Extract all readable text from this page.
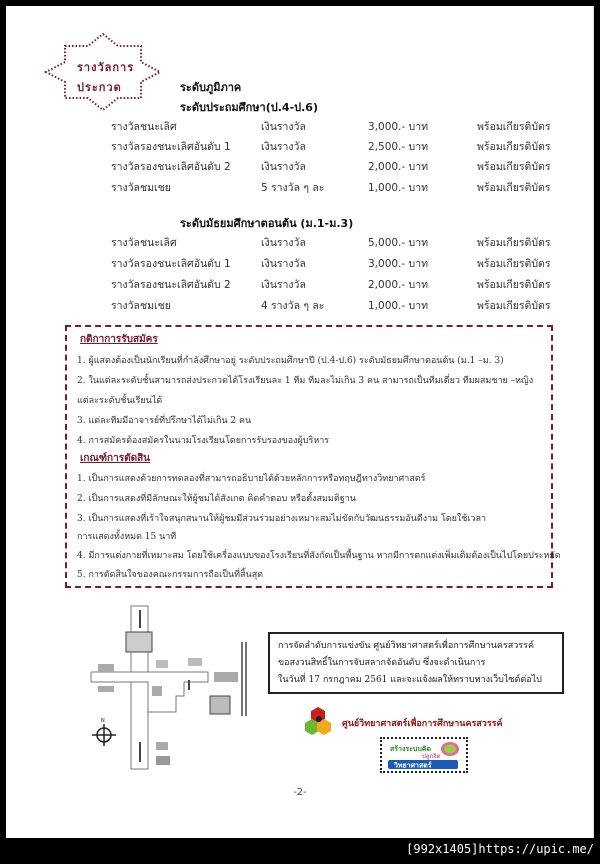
รางวัลการ
ประกวด	ระดับภูมิภาค
ระดับประถมศึกษา(ป.4-ป.6)
รางวัลชนะเลิศ	เงินรางวัล	3,000.- บาท	พร้อมเกียรติบัตร
รางวัลรองชนะเลิศอันดับ 1	เงินรางวัล	2,500.- บาท	พร้อมเกียรติบัตร
รางวัลรองชนะเลิศอันดับ 2	เงินรางวัล	2,000.- บาท	พร้อมเกียรติบัตร
รางวัลชมเชย	5 รางวัล ๆ ละ	1,000.- บาท	พร้อมเกียรติบัตร
ระดับมัธยมศึกษาตอนต้น (ม.1-ม.3)
รางวัลชนะเลิศ	เงินรางวัล	5,000.- บาท	พร้อมเกียรติบัตร
รางวัลรองชนะเลิศอันดับ 1	เงินรางวัล	3,000.- บาท	พร้อมเกียรติบัตร
รางวัลรองชนะเลิศอันดับ 2	เงินรางวัล	2,000.- บาท	พร้อมเกียรติบัตร
รางวัลชมเชย	4 รางวัล ๆ ละ	1,000.- บาท	พร้อมเกียรติบัตร
กติกาการรับสมัคร
1. ผู้แสดงต้องเป็นนักเรียนที่กำลังศึกษาอยู่ ระดับประถมศึกษาปี (ป.4-ป.6) ระดับมัธยมศึกษาตอนต้น (ม.1 –ม. 3)
2. ในแต่ละระดับชั้นสามารถส่งประกวดได้โรงเรียนละ 1 ทีม ทีมละไม่เกิน 3 คน สามารถเป็นทีมเดี่ยว ทีมผสมชาย –หญิง
แต่ละระดับชั้นเรียนได้
3. แต่ละทีมมีอาจารย์ที่ปรึกษาได้ไม่เกิน 2 คน
4. การสมัครต้องสมัครในนามโรงเรียนโดยการรับรองของผู้บริหาร
เกณฑ์การตัดสิน
1. เป็นการแสดงด้วยการทดลองที่สามารถอธิบายได้ด้วยหลักการหรือทฤษฎีทางวิทยาศาสตร์
2. เป็นการแสดงที่มีลักษณะให้ผู้ชมได้สังเกต คิดคำตอบ หรือตั้งสมมติฐาน
3. เป็นการแสดงที่เร้าใจสนุกสนานให้ผู้ชมมีส่วนร่วมอย่างเหมาะสมไม่ขัดกับวัฒนธรรมอันดีงาม โดยใช้เวลา
การแสดงทั้งหมด 15 นาที
4. มีการแต่งกายที่เหมาะสม โดยใช้เครื่องแบบของโรงเรียนที่สังกัดเป็นพื้นฐาน หากมีการตกแต่งเพิ่มเติมต้องเป็นไปโดยประหยัด
5. การตัดสินใจของคณะกรรมการถือเป็นที่สิ้นสุด
N
การจัดลำดับการแข่งขัน ศูนย์วิทยาศาสตร์เพื่อการศึกษานครสวรรค์
ขอสงวนสิทธิ์ในการจับสลากจัดอันดับ ซึ่งจะดำเนินการ
ในวันที่ 17 กรกฎาคม 2561 และจะแจ้งผลให้ทราบทางเว็บไซต์ต่อไป
ศูนย์วิทยาศาสตร์เพื่อการศึกษานครสวรรค์
สร้างระบบคิด
ปลูกจิต
วิทยาศาสตร์
-2-
[992x1405]https://upic.me/
